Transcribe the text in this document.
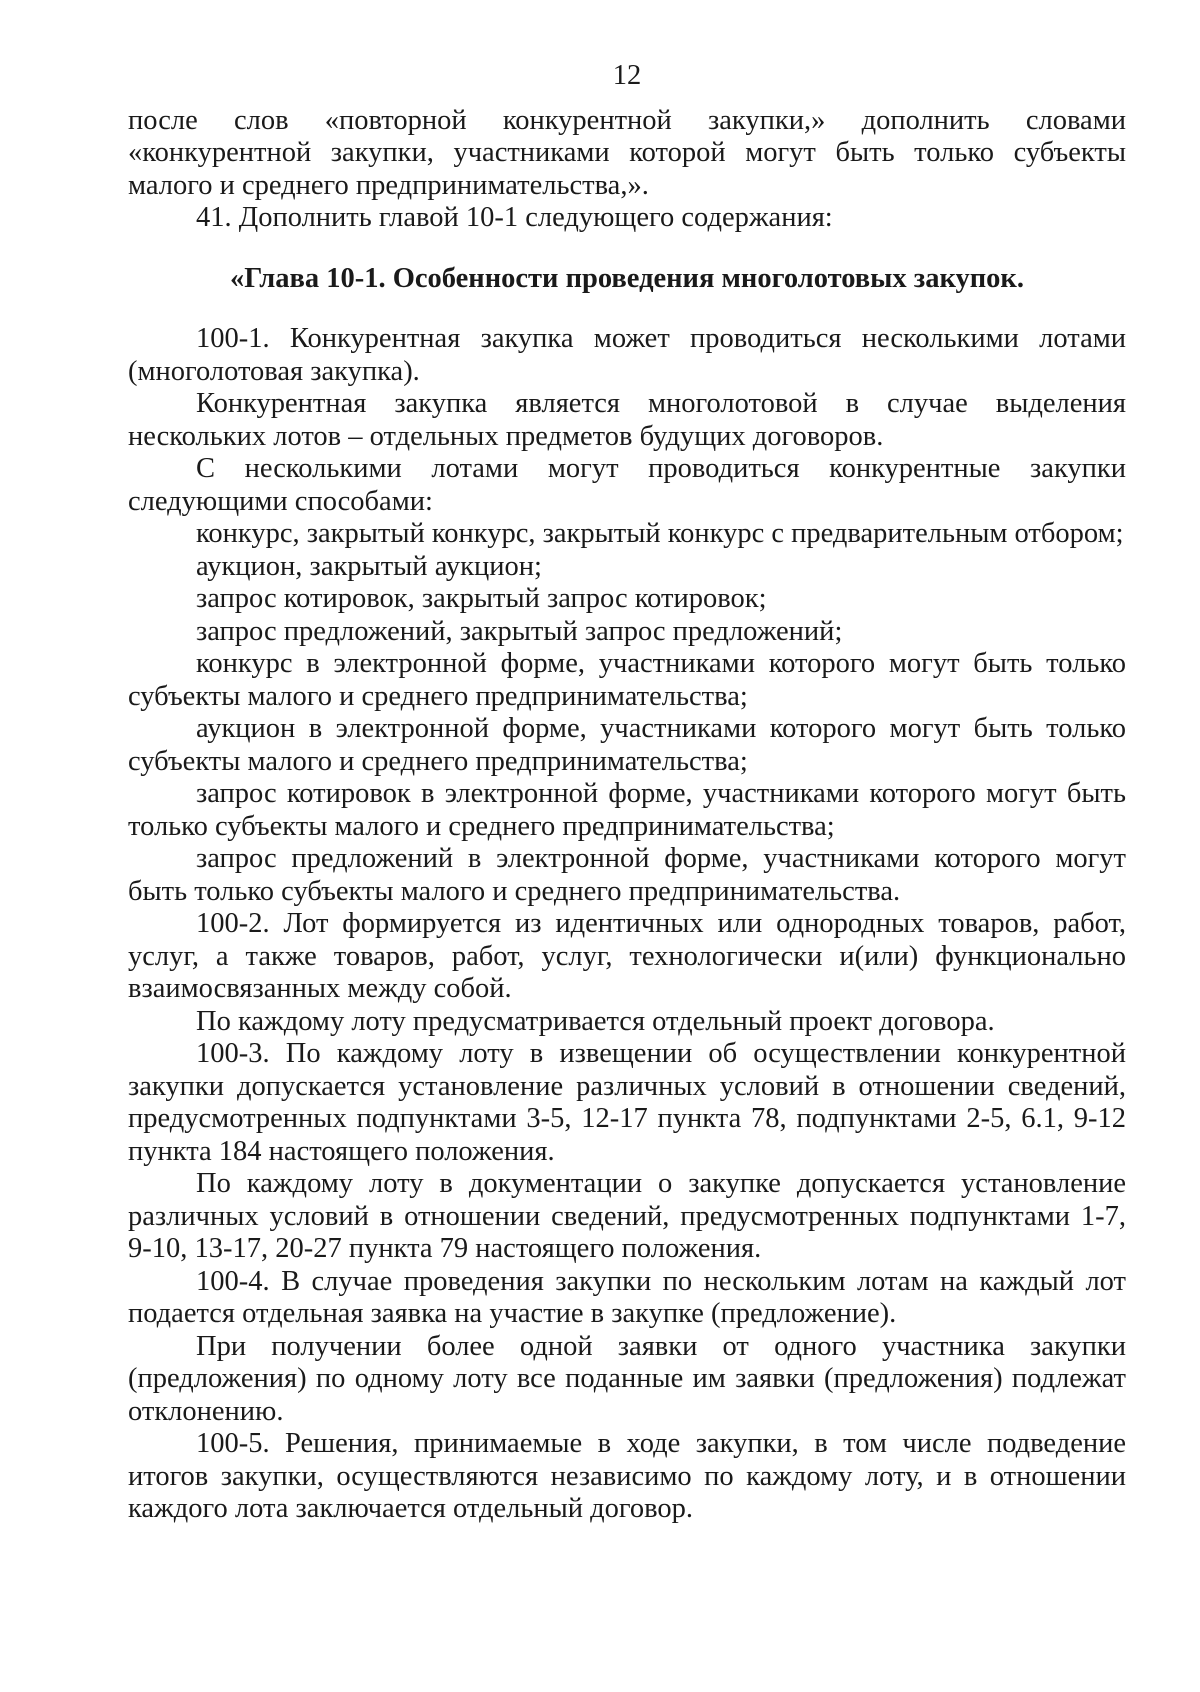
12

после слов «повторной конкурентной закупки,» дополнить словами «конкурентной закупки, участниками которой могут быть только субъекты малого и среднего предпринимательства,».

41. Дополнить главой 10-1 следующего содержания:

«Глава 10-1. Особенности проведения многолотовых закупок.

100-1. Конкурентная закупка может проводиться несколькими лотами (многолотовая закупка).

Конкурентная закупка является многолотовой в случае выделения нескольких лотов – отдельных предметов будущих договоров.

С несколькими лотами могут проводиться конкурентные закупки следующими способами:

конкурс, закрытый конкурс, закрытый конкурс с предварительным отбором;

аукцион, закрытый аукцион;

запрос котировок, закрытый запрос котировок;

запрос предложений, закрытый запрос предложений;

конкурс в электронной форме, участниками которого могут быть только субъекты малого и среднего предпринимательства;

аукцион в электронной форме, участниками которого могут быть только субъекты малого и среднего предпринимательства;

запрос котировок в электронной форме, участниками которого могут быть только субъекты малого и среднего предпринимательства;

запрос предложений в электронной форме, участниками которого могут быть только субъекты малого и среднего предпринимательства.

100-2. Лот формируется из идентичных или однородных товаров, работ, услуг, а также товаров, работ, услуг, технологически и(или) функционально взаимосвязанных между собой.

По каждому лоту предусматривается отдельный проект договора.

100-3. По каждому лоту в извещении об осуществлении конкурентной закупки допускается установление различных условий в отношении сведений, предусмотренных подпунктами 3-5, 12-17 пункта 78, подпунктами 2-5, 6.1, 9-12 пункта 184 настоящего положения.

По каждому лоту в документации о закупке допускается установление различных условий в отношении сведений, предусмотренных подпунктами 1-7, 9-10, 13-17, 20-27 пункта 79 настоящего положения.

100-4. В случае проведения закупки по нескольким лотам на каждый лот подается отдельная заявка на участие в закупке (предложение).

При получении более одной заявки от одного участника закупки (предложения) по одному лоту все поданные им заявки (предложения) подлежат отклонению.

100-5. Решения, принимаемые в ходе закупки, в том числе подведение итогов закупки, осуществляются независимо по каждому лоту, и в отношении каждого лота заключается отдельный договор.
